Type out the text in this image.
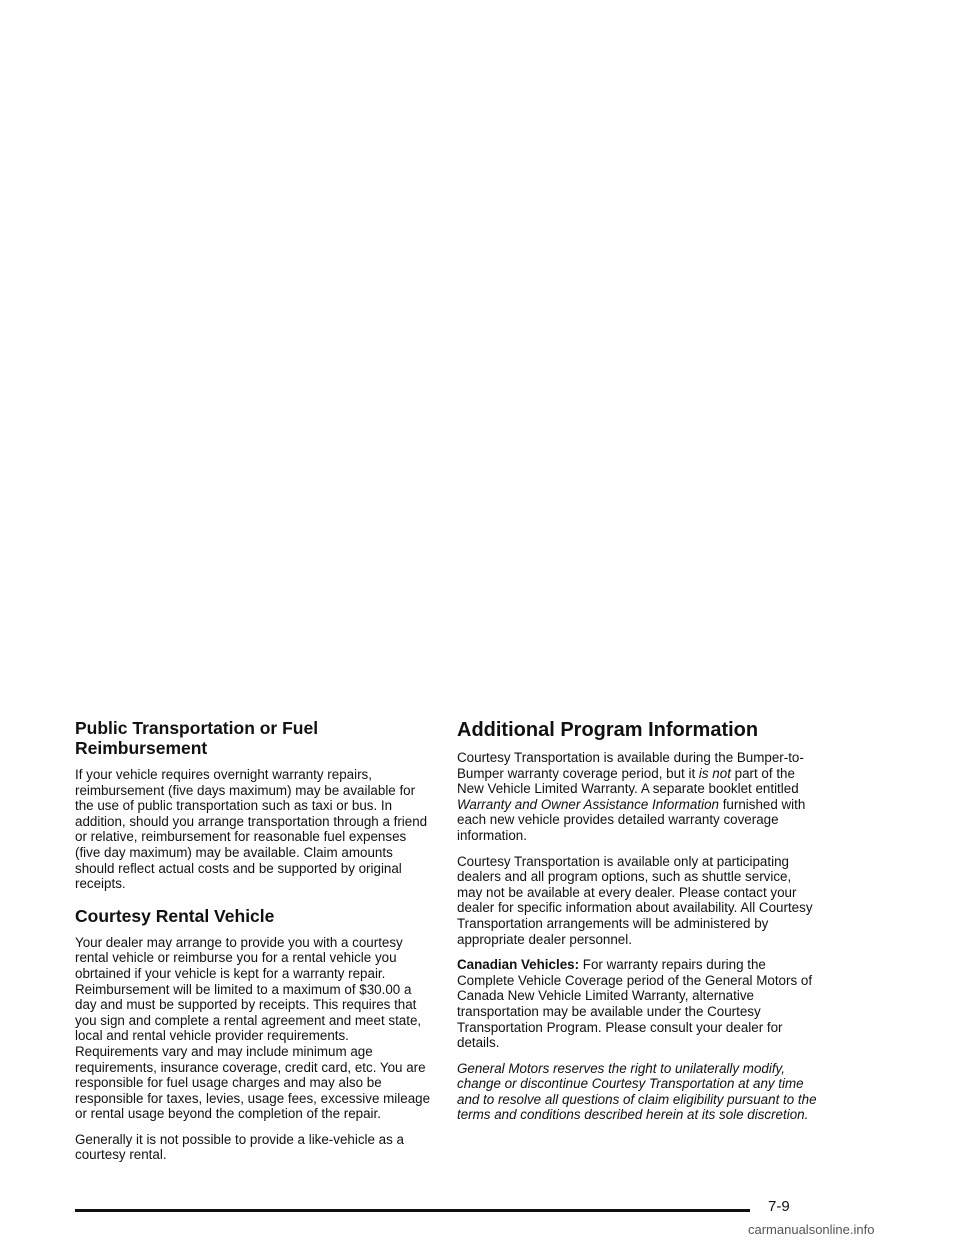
Public Transportation or Fuel Reimbursement

If your vehicle requires overnight warranty repairs, reimbursement (five days maximum) may be available for the use of public transportation such as taxi or bus. In addition, should you arrange transportation through a friend or relative, reimbursement for reasonable fuel expenses (five day maximum) may be available. Claim amounts should reflect actual costs and be supported by original receipts.

Courtesy Rental Vehicle

Your dealer may arrange to provide you with a courtesy rental vehicle or reimburse you for a rental vehicle you obrtained if your vehicle is kept for a warranty repair. Reimbursement will be limited to a maximum of $30.00 a day and must be supported by receipts. This requires that you sign and complete a rental agreement and meet state, local and rental vehicle provider requirements. Requirements vary and may include minimum age requirements, insurance coverage, credit card, etc. You are responsible for fuel usage charges and may also be responsible for taxes, levies, usage fees, excessive mileage or rental usage beyond the completion of the repair.

Generally it is not possible to provide a like-vehicle as a courtesy rental.

Additional Program Information

Courtesy Transportation is available during the Bumper-to-Bumper warranty coverage period, but it is not part of the New Vehicle Limited Warranty. A separate booklet entitled Warranty and Owner Assistance Information furnished with each new vehicle provides detailed warranty coverage information.

Courtesy Transportation is available only at participating dealers and all program options, such as shuttle service, may not be available at every dealer. Please contact your dealer for specific information about availability. All Courtesy Transportation arrangements will be administered by appropriate dealer personnel.

Canadian Vehicles: For warranty repairs during the Complete Vehicle Coverage period of the General Motors of Canada New Vehicle Limited Warranty, alternative transportation may be available under the Courtesy Transportation Program. Please consult your dealer for details.

General Motors reserves the right to unilaterally modify, change or discontinue Courtesy Transportation at any time and to resolve all questions of claim eligibility pursuant to the terms and conditions described herein at its sole discretion.

7-9
carmanualsonline.info
